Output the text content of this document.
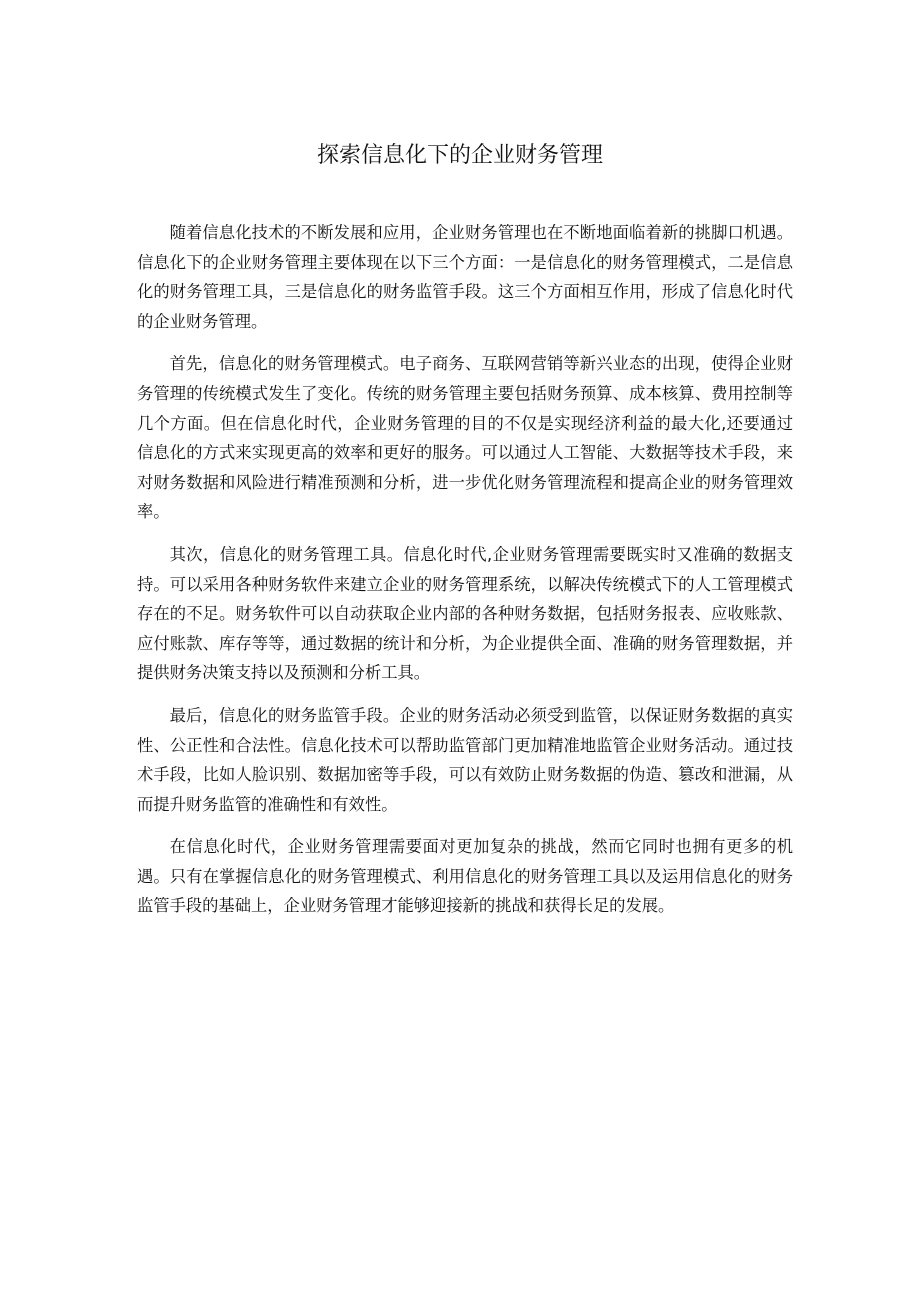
探索信息化下的企业财务管理

随着信息化技术的不断发展和应用，企业财务管理也在不断地面临着新的挑脚口机遇。信息化下的企业财务管理主要体现在以下三个方面：一是信息化的财务管理模式，二是信息化的财务管理工具，三是信息化的财务监管手段。这三个方面相互作用，形成了信息化时代的企业财务管理。

首先，信息化的财务管理模式。电子商务、互联网营销等新兴业态的出现，使得企业财务管理的传统模式发生了变化。传统的财务管理主要包括财务预算、成本核算、费用控制等几个方面。但在信息化时代，企业财务管理的目的不仅是实现经济利益的最大化,还要通过信息化的方式来实现更高的效率和更好的服务。可以通过人工智能、大数据等技术手段，来对财务数据和风险进行精准预测和分析，进一步优化财务管理流程和提高企业的财务管理效率。

其次，信息化的财务管理工具。信息化时代,企业财务管理需要既实时又准确的数据支持。可以采用各种财务软件来建立企业的财务管理系统，以解决传统模式下的人工管理模式存在的不足。财务软件可以自动获取企业内部的各种财务数据，包括财务报表、应收账款、应付账款、库存等等，通过数据的统计和分析，为企业提供全面、准确的财务管理数据，并提供财务决策支持以及预测和分析工具。

最后，信息化的财务监管手段。企业的财务活动必须受到监管，以保证财务数据的真实性、公正性和合法性。信息化技术可以帮助监管部门更加精准地监管企业财务活动。通过技术手段，比如人脸识别、数据加密等手段，可以有效防止财务数据的伪造、篡改和泄漏，从而提升财务监管的准确性和有效性。

在信息化时代，企业财务管理需要面对更加复杂的挑战，然而它同时也拥有更多的机遇。只有在掌握信息化的财务管理模式、利用信息化的财务管理工具以及运用信息化的财务监管手段的基础上，企业财务管理才能够迎接新的挑战和获得长足的发展。
